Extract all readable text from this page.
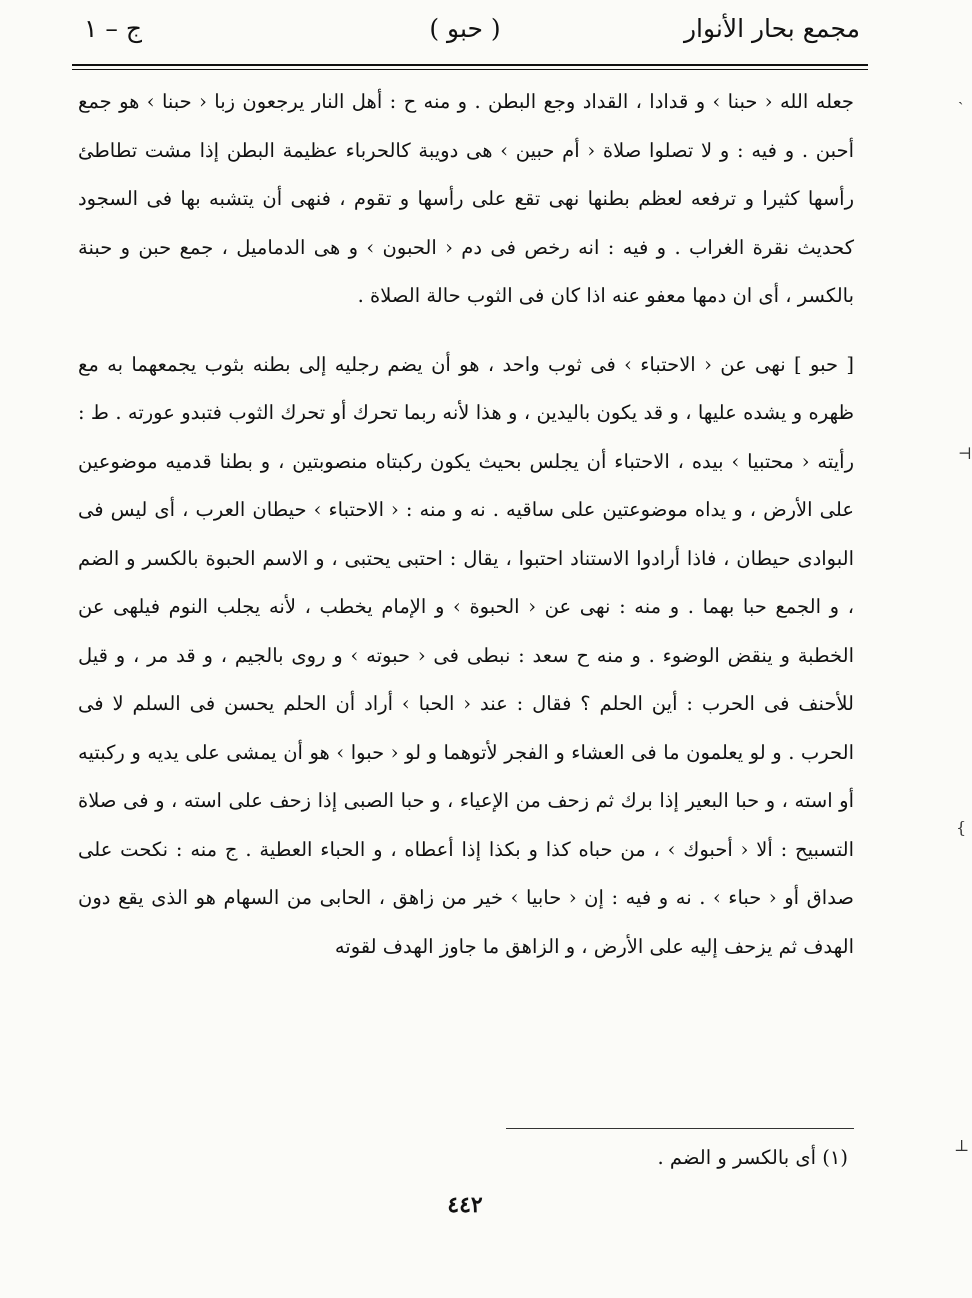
مجمع بحار الأنوار
( حبو )
ج – ١

جعله الله ‹ حبنا › و قدادا ، القداد وجع البطن . و منه ح : أهل النار يرجعون زبا ‹ حبنا › هو جمع أحبن . و فيه : و لا تصلوا صلاة ‹ أم حبين › هى دويبة كالحرباء عظيمة البطن إذا مشت تطاطئ رأسها كثيرا و ترفعه لعظم بطنها نهى تقع على رأسها و تقوم ، فنهى أن يتشبه بها فى السجود كحديث نقرة الغراب . و فيه : انه رخص فى دم ‹ الحبون › و هى الدماميل ، جمع حبن و حبنة بالكسر ، أى ان دمها معفو عنه اذا كان فى الثوب حالة الصلاة .

[ حبو ] نهى عن ‹ الاحتباء › فى ثوب واحد ، هو أن يضم رجليه إلى بطنه بثوب يجمعهما به مع ظهره و يشده عليها ، و قد يكون باليدين ، و هذا لأنه ربما تحرك أو تحرك الثوب فتبدو عورته . ط : رأيته ‹ محتبيا › بيده ، الاحتباء أن يجلس بحيث يكون ركبتاه منصوبتين ، و بطنا قدميه موضوعين على الأرض ، و يداه موضوعتين على ساقيه . نه و منه : ‹ الاحتباء › حيطان العرب ، أى ليس فى البوادى حيطان ، فاذا أرادوا الاستناد احتبوا ، يقال : احتبى يحتبى ، و الاسم الحبوة بالكسر و الضم ، و الجمع حبا بهما . و منه : نهى عن ‹ الحبوة › و الإمام يخطب ، لأنه يجلب النوم فيلهى عن الخطبة و ينقض الوضوء . و منه ح سعد : نبطى فى ‹ حبوته › و روى بالجيم ، و قد مر ، و قيل للأحنف فى الحرب : أين الحلم ؟ فقال : عند ‹ الحبا › أراد أن الحلم يحسن فى السلم لا فى الحرب . و لو يعلمون ما فى العشاء و الفجر لأتوهما و لو ‹ حبوا › هو أن يمشى على يديه و ركبتيه أو استه ، و حبا البعير إذا برك ثم زحف من الإعياء ، و حبا الصبى إذا زحف على استه ، و فى صلاة التسبيح : ألا ‹ أحبوك › ، من حباه كذا و بكذا إذا أعطاه ، و الحباء العطية . ج منه : نكحت على صداق أو ‹ حباء › . نه و فيه : إن ‹ حابيا › خير من زاهق ، الحابى من السهام هو الذى يقع دون الهدف ثم يزحف إليه على الأرض ، و الزاهق ما جاوز الهدف لقوته

(١) أى بالكسر و الضم .
٤٤٢
ˎ
⊣
{
⊥
